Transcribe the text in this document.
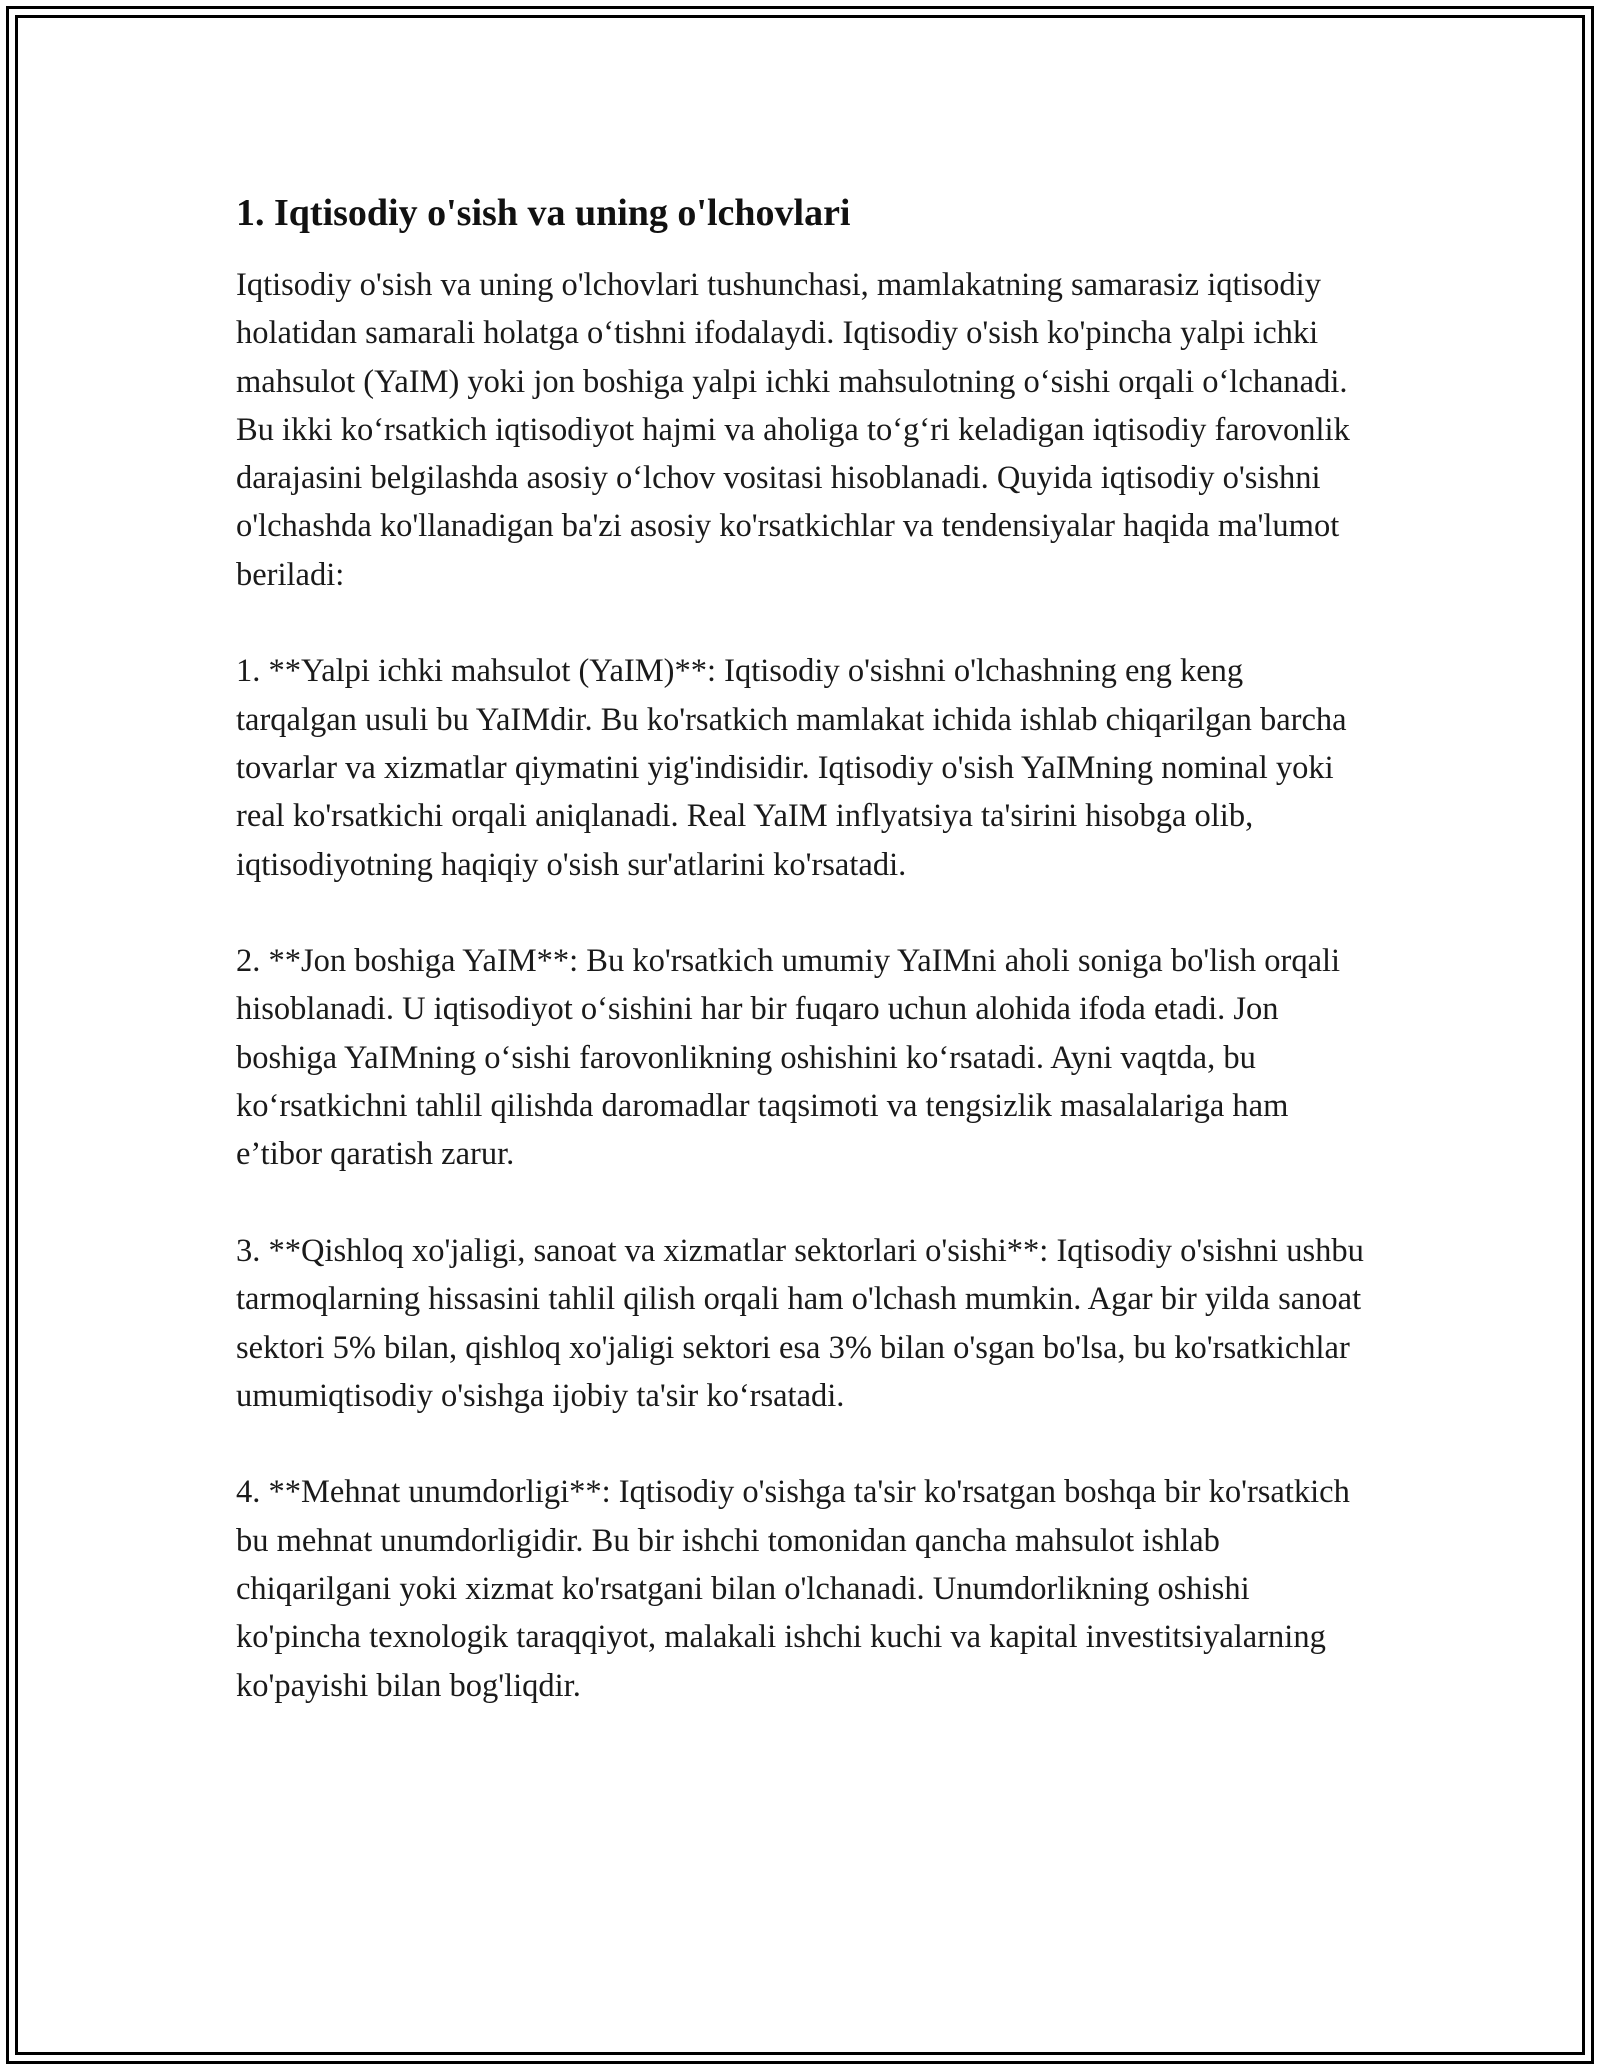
1. Iqtisodiy o'sish va uning o'lchovlari

Iqtisodiy o'sish va uning o'lchovlari tushunchasi, mamlakatning samarasiz iqtisodiy holatidan samarali holatga o‘tishni ifodalaydi. Iqtisodiy o'sish ko'pincha yalpi ichki mahsulot (YaIM) yoki jon boshiga yalpi ichki mahsulotning o‘sishi orqali o‘lchanadi. Bu ikki ko‘rsatkich iqtisodiyot hajmi va aholiga to‘g‘ri keladigan iqtisodiy farovonlik darajasini belgilashda asosiy o‘lchov vositasi hisoblanadi. Quyida iqtisodiy o'sishni o'lchashda ko'llanadigan ba'zi asosiy ko'rsatkichlar va tendensiyalar haqida ma'lumot beriladi:

1. **Yalpi ichki mahsulot (YaIM)**: Iqtisodiy o'sishni o'lchashning eng keng tarqalgan usuli bu YaIMdir. Bu ko'rsatkich mamlakat ichida ishlab chiqarilgan barcha tovarlar va xizmatlar qiymatini yig'indisidir. Iqtisodiy o'sish YaIMning nominal yoki real ko'rsatkichi orqali aniqlanadi. Real YaIM inflyatsiya ta'sirini hisobga olib, iqtisodiyotning haqiqiy o'sish sur'atlarini ko'rsatadi.

2. **Jon boshiga YaIM**: Bu ko'rsatkich umumiy YaIMni aholi soniga bo'lish orqali hisoblanadi. U iqtisodiyot o‘sishini har bir fuqaro uchun alohida ifoda etadi. Jon boshiga YaIMning o‘sishi farovonlikning oshishini ko‘rsatadi. Ayni vaqtda, bu ko‘rsatkichni tahlil qilishda daromadlar taqsimoti va tengsizlik masalalariga ham e’tibor qaratish zarur.

3. **Qishloq xo'jaligi, sanoat va xizmatlar sektorlari o'sishi**: Iqtisodiy o'sishni ushbu tarmoqlarning hissasini tahlil qilish orqali ham o'lchash mumkin. Agar bir yilda sanoat sektori 5% bilan, qishloq xo'jaligi sektori esa 3% bilan o'sgan bo'lsa, bu ko'rsatkichlar umumiqtisodiy o'sishga ijobiy ta'sir ko‘rsatadi.

4. **Mehnat unumdorligi**: Iqtisodiy o'sishga ta'sir ko'rsatgan boshqa bir ko'rsatkich bu mehnat unumdorligidir. Bu bir ishchi tomonidan qancha mahsulot ishlab chiqarilgani yoki xizmat ko'rsatgani bilan o'lchanadi. Unumdorlikning oshishi ko'pincha texnologik taraqqiyot, malakali ishchi kuchi va kapital investitsiyalarning ko'payishi bilan bog'liqdir.
